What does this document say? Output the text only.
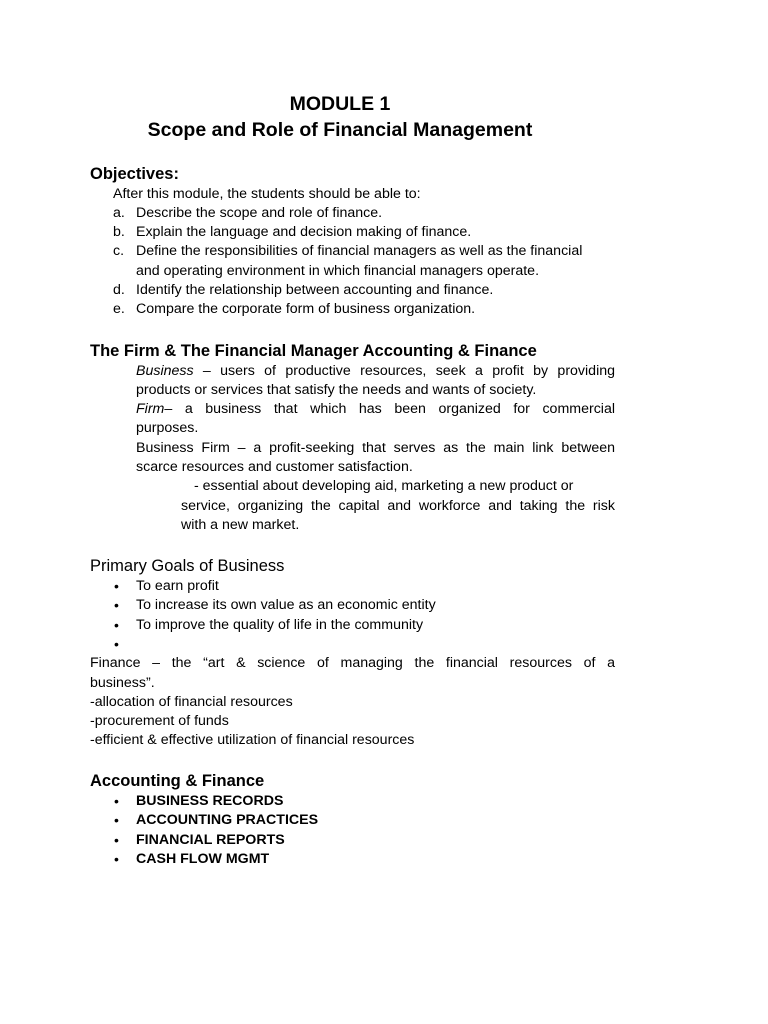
MODULE 1
Scope and Role of Financial Management
Objectives:
After this module, the students should be able to:
a. Describe the scope and role of finance.
b. Explain the language and decision making of finance.
c. Define the responsibilities of financial managers as well as the financial
and operating environment in which financial managers operate.
d. Identify the relationship between accounting and finance.
e. Compare the corporate form of business organization.
The Firm & The Financial Manager Accounting & Finance
Business – users of productive resources, seek a profit by providing
products or services that satisfy the needs and wants of society.
Firm– a business that which has been organized for commercial
purposes.
Business Firm – a profit-seeking that serves as the main link between
scarce resources and customer satisfaction.
- essential about developing aid, marketing a new product or
service, organizing the capital and workforce and taking the risk
with a new market.
Primary Goals of Business
• To earn profit
• To increase its own value as an economic entity
• To improve the quality of life in the community
•
Finance – the “art & science of managing the financial resources of a
business”.
-allocation of financial resources
-procurement of funds
-efficient & effective utilization of financial resources
Accounting & Finance
• BUSINESS RECORDS
• ACCOUNTING PRACTICES
• FINANCIAL REPORTS
• CASH FLOW MGMT
